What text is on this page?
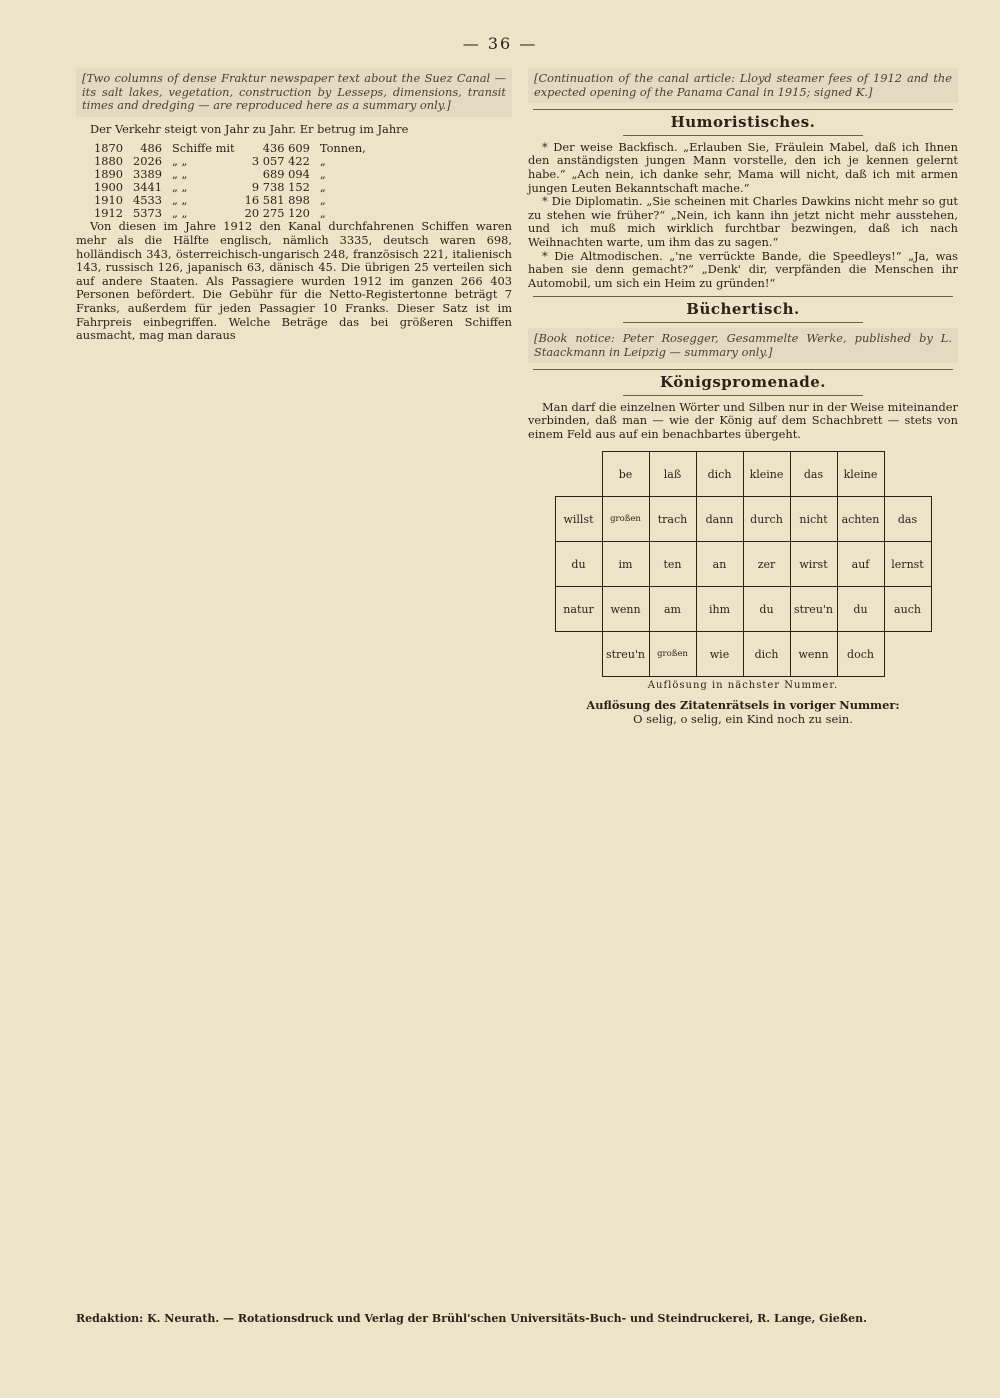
— 36 —

[Two columns of dense Fraktur newspaper text about the Suez Canal — its salt lakes, vegetation, construction by Lesseps, dimensions, transit times and dredging — are reproduced here as a summary only.]

Der Verkehr steigt von Jahr zu Jahr. Er betrug im Jahre

1870	486	Schiffe mit	436 609	Tonnen,
1880	2026	„ „	3 057 422	„
1890	3389	„ „	689 094	„
1900	3441	„ „	9 738 152	„
1910	4533	„ „	16 581 898	„
1912	5373	„ „	20 275 120	„

Von diesen im Jahre 1912 den Kanal durchfahrenen Schiffen waren mehr als die Hälfte englisch, nämlich 3335, deutsch waren 698, holländisch 343, österreichisch-ungarisch 248, französisch 221, italienisch 143, russisch 126, japanisch 63, dänisch 45. Die übrigen 25 verteilen sich auf andere Staaten. Als Passagiere wurden 1912 im ganzen 266 403 Personen befördert. Die Gebühr für die Netto-Registertonne beträgt 7 Franks, außerdem für jeden Passagier 10 Franks. Dieser Satz ist im Fahrpreis einbegriffen. Welche Beträge das bei größeren Schiffen ausmacht, mag man daraus

[Continuation of the canal article: Lloyd steamer fees of 1912 and the expected opening of the Panama Canal in 1915; signed K.]

Humoristisches.

* Der weise Backfisch. „Erlauben Sie, Fräulein Mabel, daß ich Ihnen den anständigsten jungen Mann vorstelle, den ich je kennen gelernt habe.“ „Ach nein, ich danke sehr, Mama will nicht, daß ich mit armen jungen Leuten Bekanntschaft mache.“

* Die Diplomatin. „Sie scheinen mit Charles Dawkins nicht mehr so gut zu stehen wie früher?“ „Nein, ich kann ihn jetzt nicht mehr ausstehen, und ich muß mich wirklich furchtbar bezwingen, daß ich nach Weihnachten warte, um ihm das zu sagen.“

* Die Altmodischen. „'ne verrückte Bande, die Speedleys!“ „Ja, was haben sie denn gemacht?“ „Denk' dir, verpfänden die Menschen ihr Automobil, um sich ein Heim zu gründen!“

Büchertisch.

[Book notice: Peter Rosegger, Gesammelte Werke, published by L. Staackmann in Leipzig — summary only.]

Königspromenade.

Man darf die einzelnen Wörter und Silben nur in der Weise miteinander verbinden, daß man — wie der König auf dem Schachbrett — stets von einem Feld aus auf ein benachbartes übergeht.

	be	laß	dich	kleine	das	kleine	
willst	großen	trach	dann	durch	nicht	achten	das
du	im	ten	an	zer	wirst	auf	lernst
natur	wenn	am	ihm	du	streu'n	du	auch
	streu'n	großen	wie	dich	wenn	doch	
Auflösung in nächster Nummer.

Auflösung des Zitatenrätsels in voriger Nummer:

O selig, o selig, ein Kind noch zu sein.

Redaktion: K. Neurath. — Rotationsdruck und Verlag der Brühl'schen Universitäts-Buch- und Steindruckerei, R. Lange, Gießen.
